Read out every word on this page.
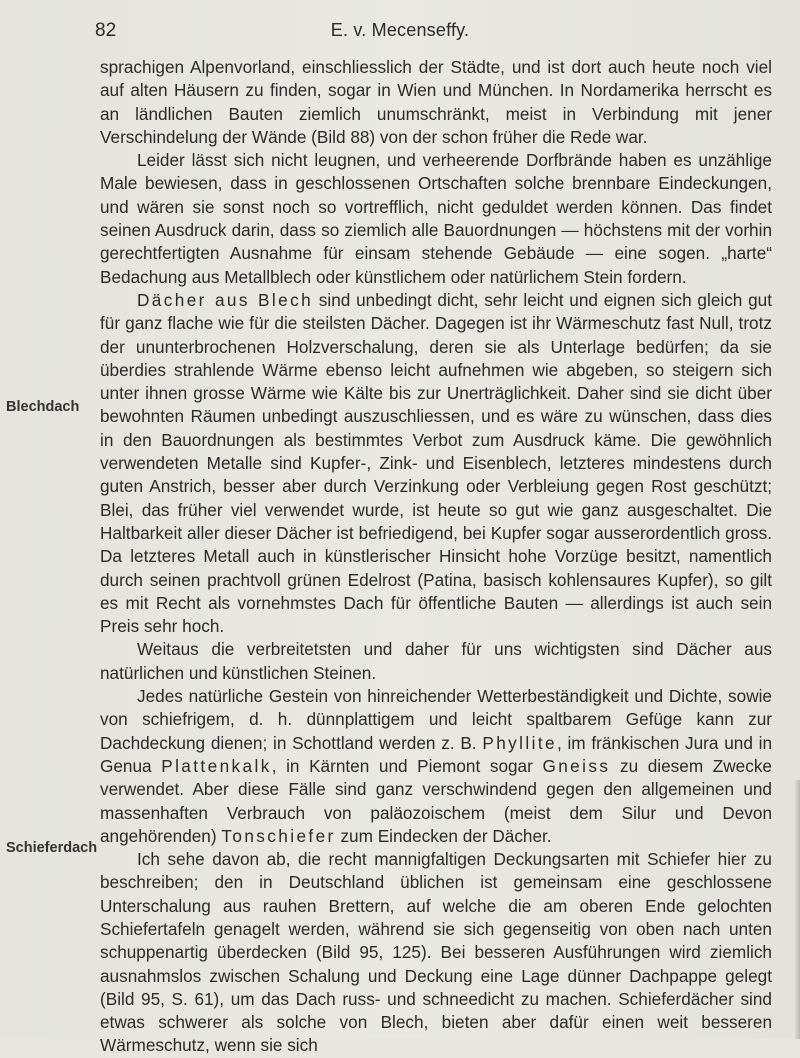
82	E. v. Mecenseffy.
Blechdach
Schieferdach

sprachigen Alpenvorland, einschliesslich der Städte, und ist dort auch heute noch viel auf alten Häusern zu finden, sogar in Wien und München. In Nordamerika herrscht es an ländlichen Bauten ziemlich unumschränkt, meist in Verbindung mit jener Verschindelung der Wände (Bild 88) von der schon früher die Rede war.

Leider lässt sich nicht leugnen, und verheerende Dorfbrände haben es unzählige Male bewiesen, dass in geschlossenen Ortschaften solche brennbare Eindeckungen, und wären sie sonst noch so vortrefflich, nicht geduldet werden können. Das findet seinen Ausdruck darin, dass so ziemlich alle Bauordnungen — höchstens mit der vorhin gerechtfertigten Ausnahme für einsam stehende Gebäude — eine sogen. „harte“ Bedachung aus Metallblech oder künstlichem oder natürlichem Stein fordern.

Dächer aus Blech sind unbedingt dicht, sehr leicht und eignen sich gleich gut für ganz flache wie für die steilsten Dächer. Dagegen ist ihr Wärmeschutz fast Null, trotz der ununterbrochenen Holzverschalung, deren sie als Unterlage bedürfen; da sie überdies strahlende Wärme ebenso leicht aufnehmen wie abgeben, so steigern sich unter ihnen grosse Wärme wie Kälte bis zur Unerträglichkeit. Daher sind sie dicht über bewohnten Räumen unbedingt auszuschliessen, und es wäre zu wünschen, dass dies in den Bauordnungen als bestimmtes Verbot zum Ausdruck käme. Die gewöhnlich verwendeten Metalle sind Kupfer-, Zink- und Eisenblech, letzteres mindestens durch guten Anstrich, besser aber durch Verzinkung oder Verbleiung gegen Rost geschützt; Blei, das früher viel verwendet wurde, ist heute so gut wie ganz ausgeschaltet. Die Haltbarkeit aller dieser Dächer ist befriedigend, bei Kupfer sogar ausserordentlich gross. Da letzteres Metall auch in künstlerischer Hinsicht hohe Vorzüge besitzt, namentlich durch seinen prachtvoll grünen Edelrost (Patina, basisch kohlensaures Kupfer), so gilt es mit Recht als vornehmstes Dach für öffentliche Bauten — allerdings ist auch sein Preis sehr hoch.

Weitaus die verbreitetsten und daher für uns wichtigsten sind Dächer aus natürlichen und künstlichen Steinen.

Jedes natürliche Gestein von hinreichender Wetterbeständigkeit und Dichte, sowie von schiefrigem, d. h. dünnplattigem und leicht spaltbarem Gefüge kann zur Dachdeckung dienen; in Schottland werden z. B. Phyllite, im fränkischen Jura und in Genua Plattenkalk, in Kärnten und Piemont sogar Gneiss zu diesem Zwecke verwendet. Aber diese Fälle sind ganz verschwindend gegen den allgemeinen und massenhaften Verbrauch von paläozoischem (meist dem Silur und Devon angehörenden) Tonschiefer zum Eindecken der Dächer.

Ich sehe davon ab, die recht mannigfaltigen Deckungsarten mit Schiefer hier zu beschreiben; den in Deutschland üblichen ist gemeinsam eine geschlossene Unterschalung aus rauhen Brettern, auf welche die am oberen Ende gelochten Schiefertafeln genagelt werden, während sie sich gegenseitig von oben nach unten schuppenartig überdecken (Bild 95, 125). Bei besseren Ausführungen wird ziemlich ausnahmslos zwischen Schalung und Deckung eine Lage dünner Dachpappe gelegt (Bild 95, S. 61), um das Dach russ- und schneedicht zu machen. Schieferdächer sind etwas schwerer als solche von Blech, bieten aber dafür einen weit besseren Wärmeschutz, wenn sie sich
